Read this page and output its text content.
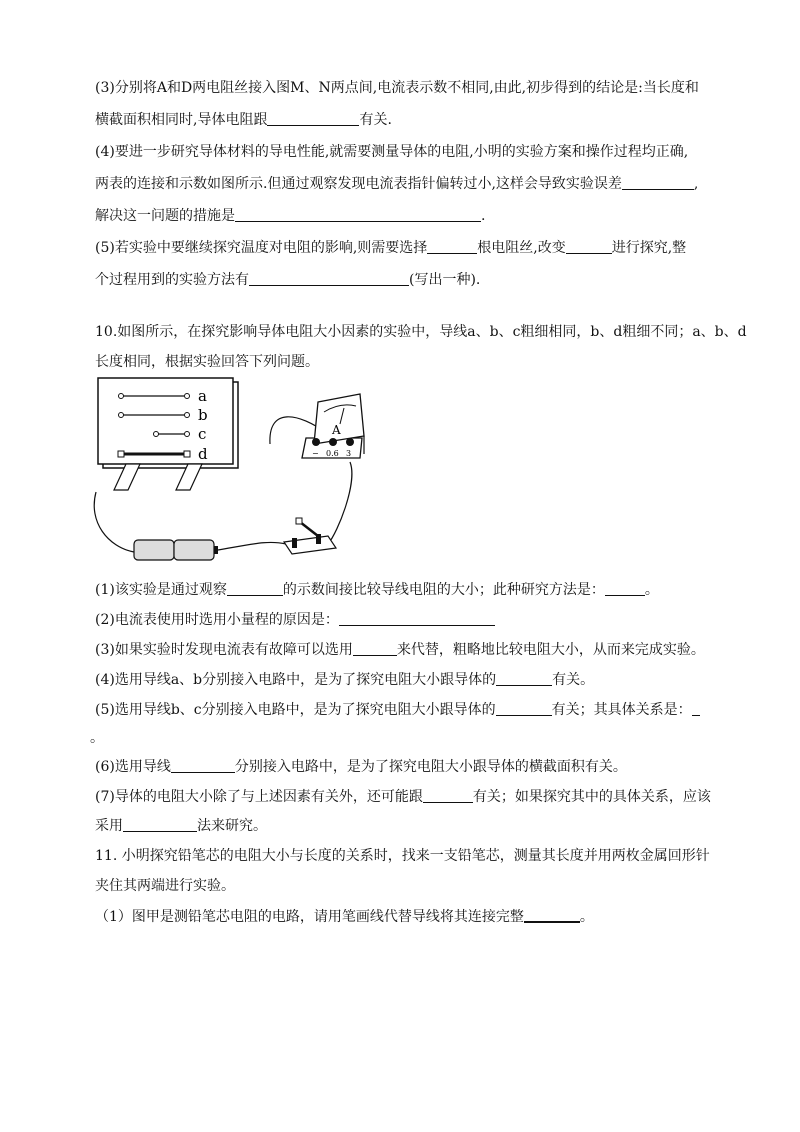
(3)分别将A和D两电阻丝接入图M、N两点间,电流表示数不相同,由此,初步得到的结论是:当长度和
横截面积相同时,导体电阻跟	有关.
(4)要进一步研究导体材料的导电性能,就需要测量导体的电阻,小明的实验方案和操作过程均正确,
两表的连接和示数如图所示.但通过观察发现电流表指针偏转过小,这样会导致实验误差	,
解决这一问题的措施是	.
(5)若实验中要继续探究温度对电阻的影响,则需要选择	根电阻丝,改变	进行探究,整
个过程用到的实验方法有	(写出一种).
10.如图所示，在探究影响导体电阻大小因素的实验中，导线a、b、c粗细相同，b、d粗细不同；a、b、d
长度相同，根据实验回答下列问题。
a
b
c
d
A
− 0.6 3
(1)该实验是通过观察	的示数间接比较导线电阻的大小；此种研究方法是：	。
(2)电流表使用时选用小量程的原因是：
(3)如果实验时发现电流表有故障可以选用	来代替，粗略地比较电阻大小，从而来完成实验。
(4)选用导线a、b分别接入电路中，是为了探究电阻大小跟导体的	有关。
(5)选用导线b、c分别接入电路中，是为了探究电阻大小跟导体的	有关；其具体关系是：
。
(6)选用导线	分别接入电路中，是为了探究电阻大小跟导体的横截面积有关。
(7)导体的电阻大小除了与上述因素有关外，还可能跟	有关；如果探究其中的具体关系，应该
采用	法来研究。
11. 小明探究铅笔芯的电阻大小与长度的关系时，找来一支铅笔芯，测量其长度并用两枚金属回形针
夹住其两端进行实验。
（1）图甲是测铅笔芯电阻的电路，请用笔画线代替导线将其连接完整	。
